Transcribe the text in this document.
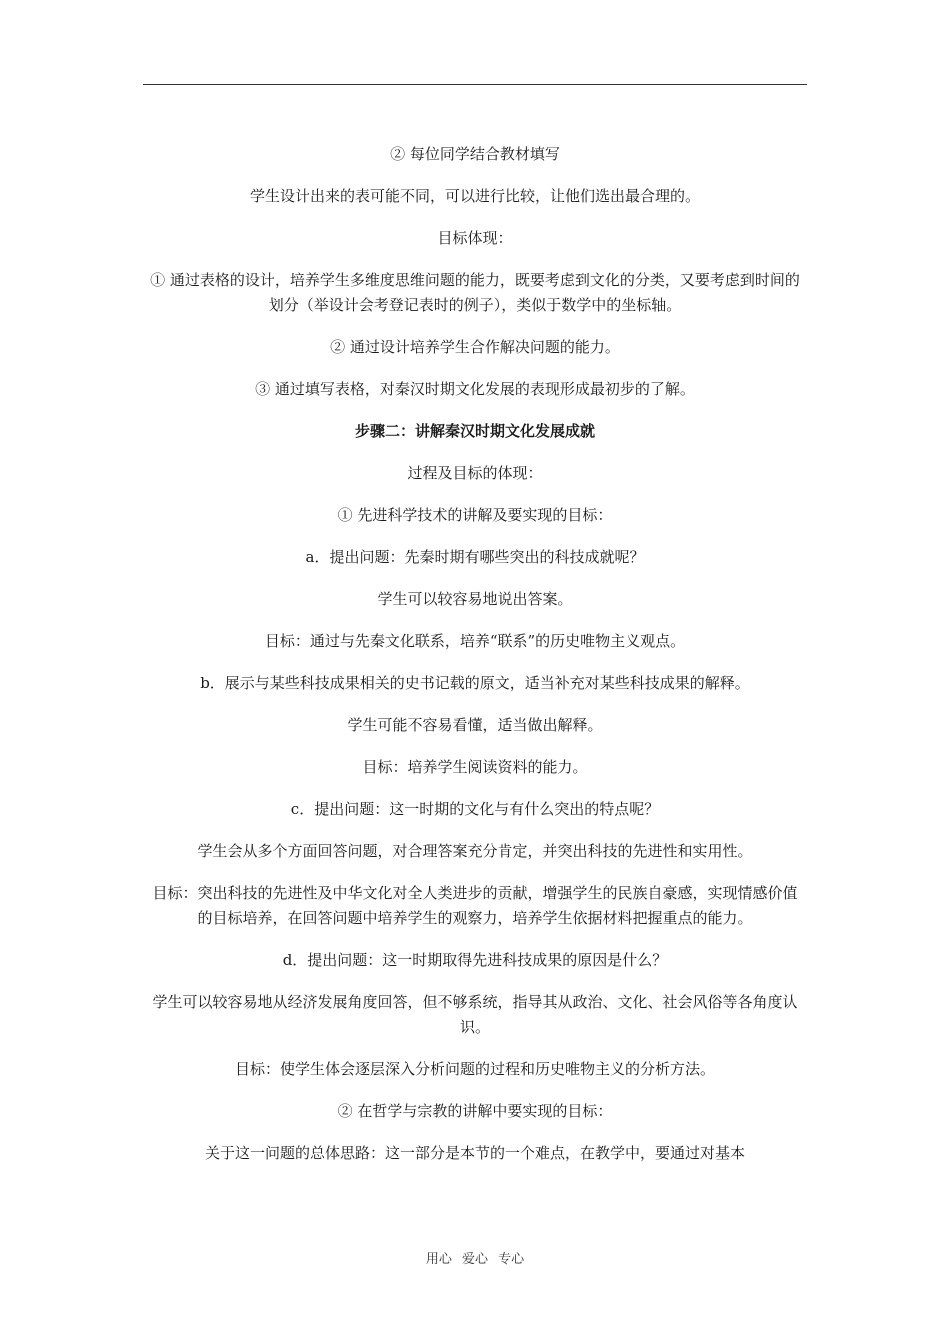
② 每位同学结合教材填写

学生设计出来的表可能不同，可以进行比较，让他们选出最合理的。

目标体现：

① 通过表格的设计，培养学生多维度思维问题的能力，既要考虑到文化的分类，又要考虑到时间的划分（举设计会考登记表时的例子），类似于数学中的坐标轴。

② 通过设计培养学生合作解决问题的能力。

③ 通过填写表格，对秦汉时期文化发展的表现形成最初步的了解。

步骤二：讲解秦汉时期文化发展成就

过程及目标的体现：

① 先进科学技术的讲解及要实现的目标：

a．提出问题：先秦时期有哪些突出的科技成就呢？

学生可以较容易地说出答案。

目标：通过与先秦文化联系，培养“联系”的历史唯物主义观点。

b．展示与某些科技成果相关的史书记载的原文，适当补充对某些科技成果的解释。

学生可能不容易看懂，适当做出解释。

目标：培养学生阅读资料的能力。

c．提出问题：这一时期的文化与有什么突出的特点呢？

学生会从多个方面回答问题，对合理答案充分肯定，并突出科技的先进性和实用性。

目标：突出科技的先进性及中华文化对全人类进步的贡献，增强学生的民族自豪感，实现情感价值的目标培养，在回答问题中培养学生的观察力，培养学生依据材料把握重点的能力。

d．提出问题：这一时期取得先进科技成果的原因是什么？

学生可以较容易地从经济发展角度回答，但不够系统，指导其从政治、文化、社会风俗等各角度认识。

目标：使学生体会逐层深入分析问题的过程和历史唯物主义的分析方法。

② 在哲学与宗教的讲解中要实现的目标：

关于这一问题的总体思路：这一部分是本节的一个难点，在教学中，要通过对基本

用心 爱心 专心
